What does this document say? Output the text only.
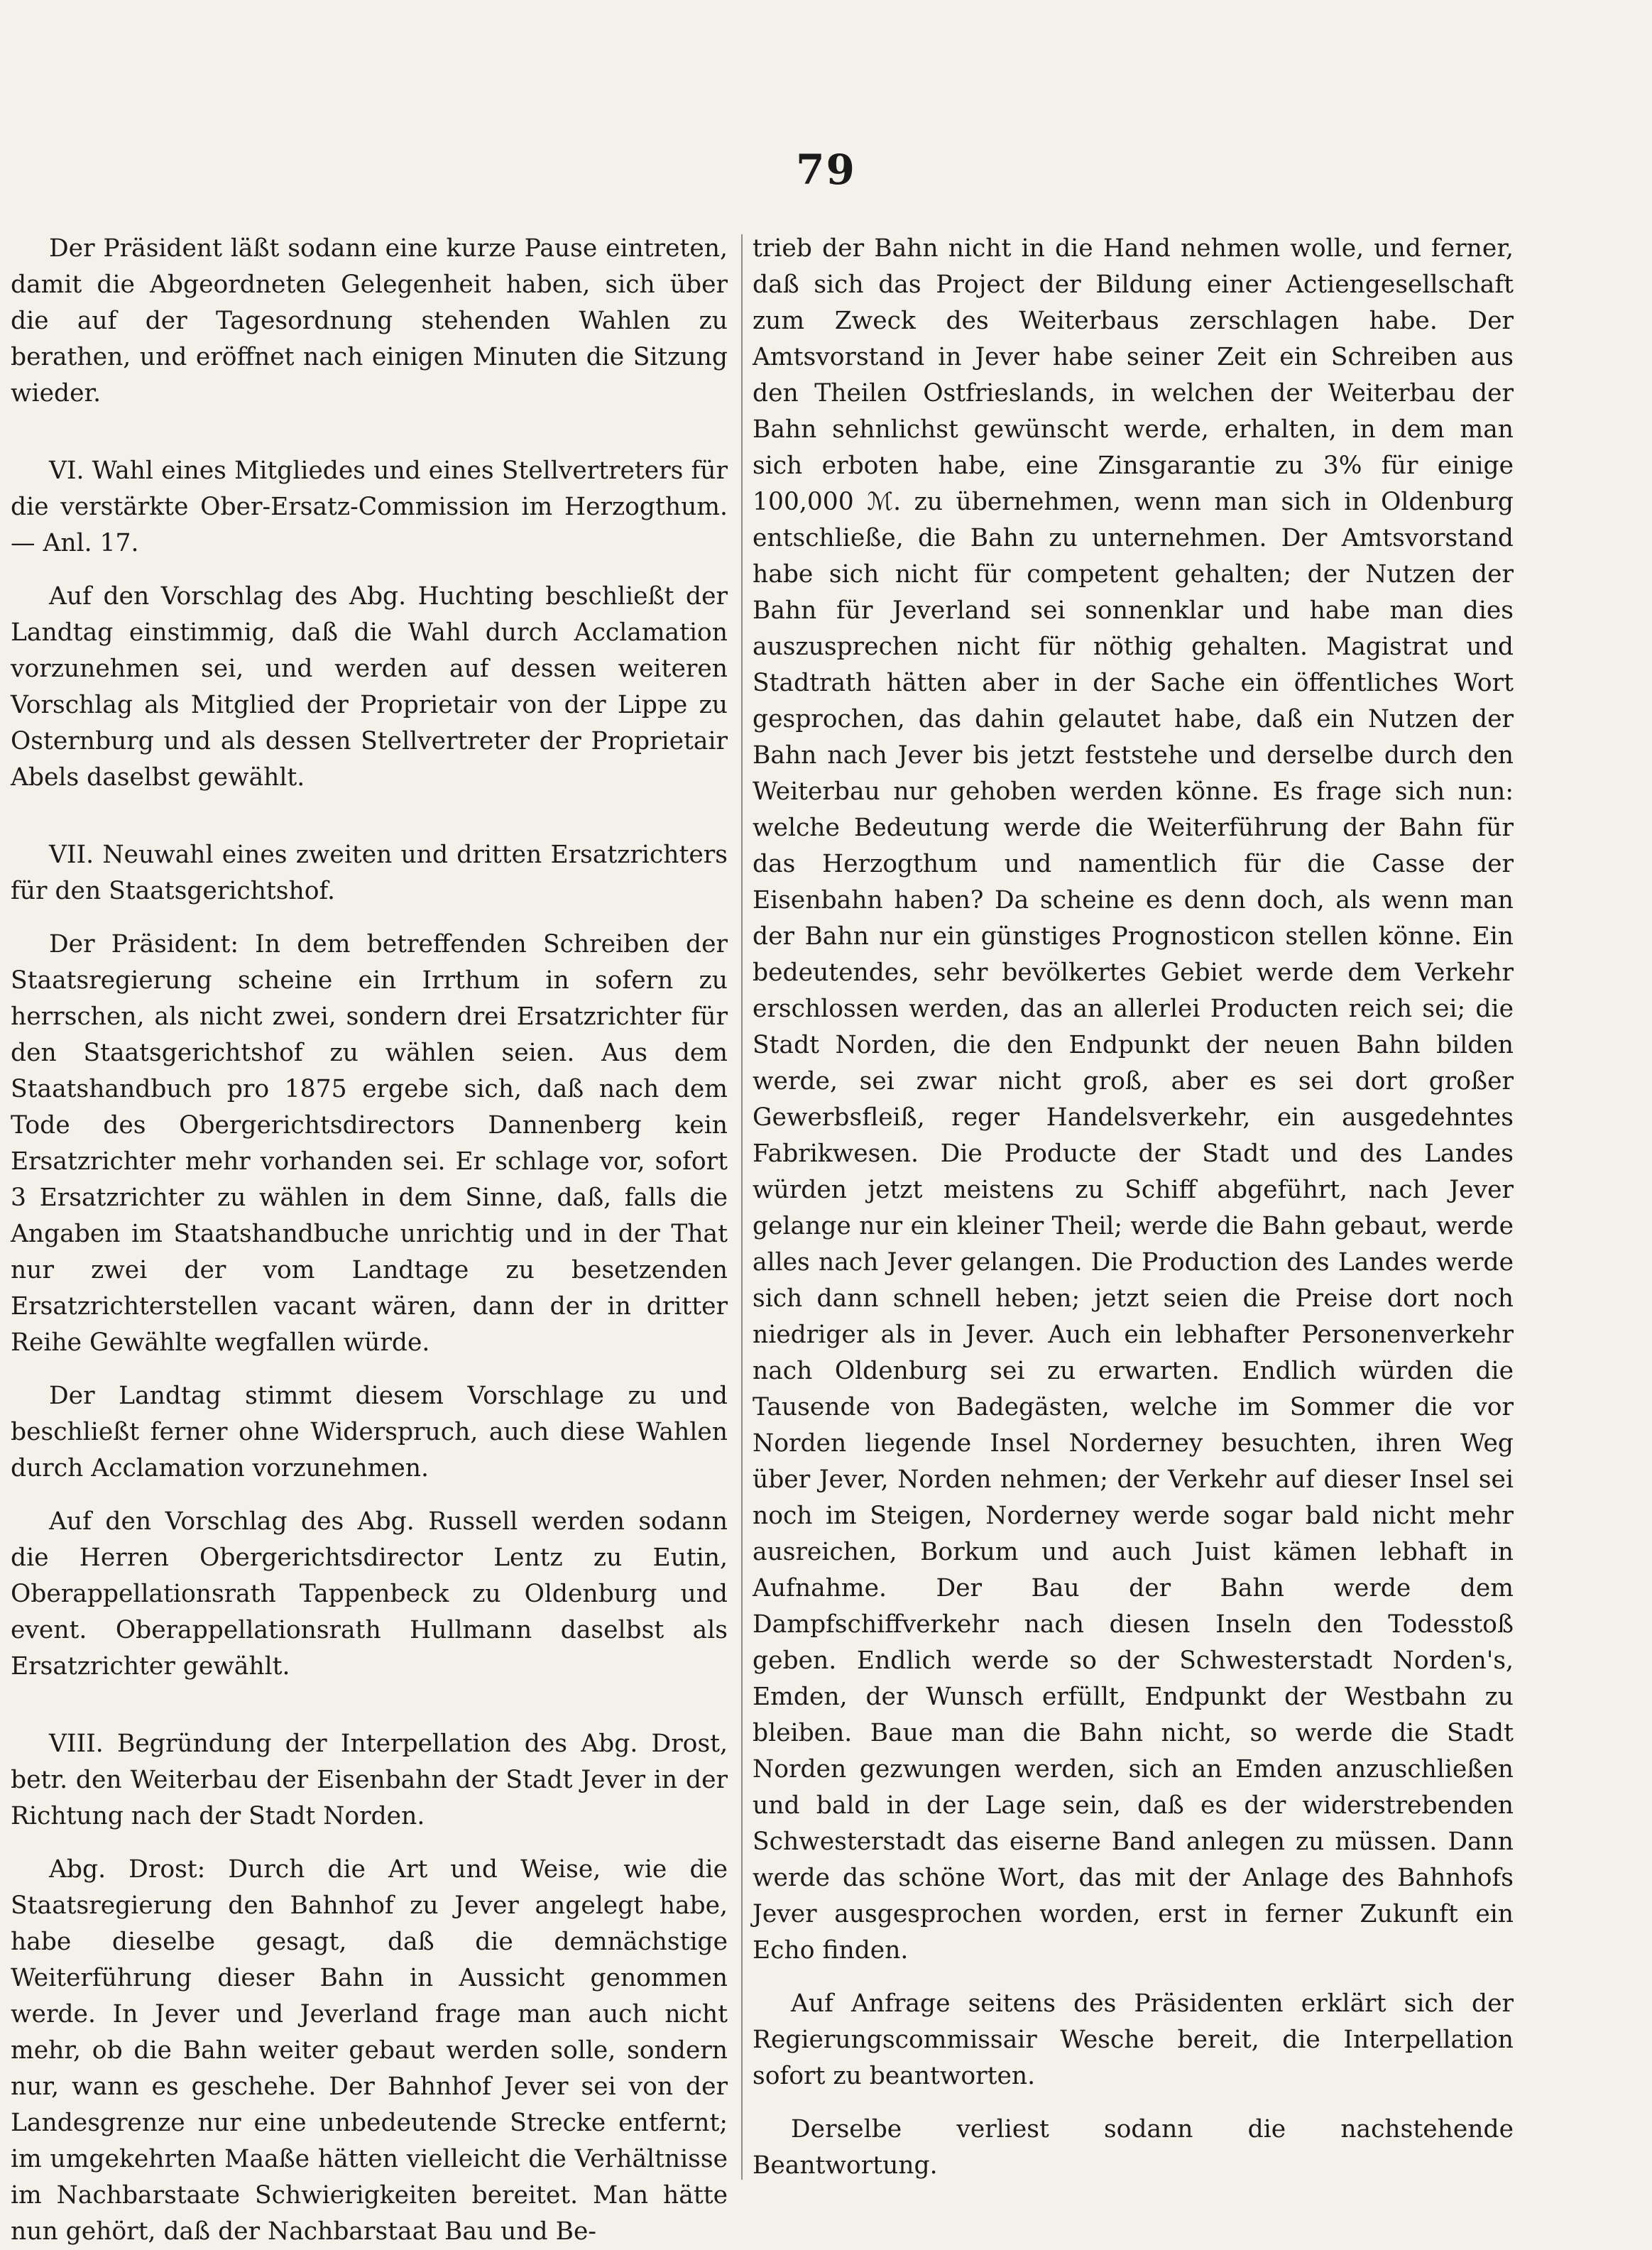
79

Der Präsident läßt sodann eine kurze Pause eintreten, damit die Abgeordneten Gelegenheit haben, sich über die auf der Tagesordnung stehenden Wahlen zu berathen, und eröffnet nach einigen Minuten die Sitzung wieder.

VI. Wahl eines Mitgliedes und eines Stellvertreters für die verstärkte Ober-Ersatz-Commission im Herzogthum. — Anl. 17.

Auf den Vorschlag des Abg. Huchting beschließt der Landtag einstimmig, daß die Wahl durch Acclamation vorzunehmen sei, und werden auf dessen weiteren Vorschlag als Mitglied der Proprietair von der Lippe zu Osternburg und als dessen Stellvertreter der Proprietair Abels daselbst gewählt.

VII. Neuwahl eines zweiten und dritten Ersatzrichters für den Staatsgerichtshof.

Der Präsident: In dem betreffenden Schreiben der Staatsregierung scheine ein Irrthum in sofern zu herrschen, als nicht zwei, sondern drei Ersatzrichter für den Staatsgerichtshof zu wählen seien. Aus dem Staatshandbuch pro 1875 ergebe sich, daß nach dem Tode des Obergerichtsdirectors Dannenberg kein Ersatzrichter mehr vorhanden sei. Er schlage vor, sofort 3 Ersatzrichter zu wählen in dem Sinne, daß, falls die Angaben im Staatshandbuche unrichtig und in der That nur zwei der vom Landtage zu besetzenden Ersatzrichterstellen vacant wären, dann der in dritter Reihe Gewählte wegfallen würde.

Der Landtag stimmt diesem Vorschlage zu und beschließt ferner ohne Widerspruch, auch diese Wahlen durch Acclamation vorzunehmen.

Auf den Vorschlag des Abg. Russell werden sodann die Herren Obergerichtsdirector Lentz zu Eutin, Oberappellationsrath Tappenbeck zu Oldenburg und event. Oberappellationsrath Hullmann daselbst als Ersatzrichter gewählt.

VIII. Begründung der Interpellation des Abg. Drost, betr. den Weiterbau der Eisenbahn der Stadt Jever in der Richtung nach der Stadt Norden.

Abg. Drost: Durch die Art und Weise, wie die Staatsregierung den Bahnhof zu Jever angelegt habe, habe dieselbe gesagt, daß die demnächstige Weiterführung dieser Bahn in Aussicht genommen werde. In Jever und Jeverland frage man auch nicht mehr, ob die Bahn weiter gebaut werden solle, sondern nur, wann es geschehe. Der Bahnhof Jever sei von der Landesgrenze nur eine unbedeutende Strecke entfernt; im umgekehrten Maaße hätten vielleicht die Verhältnisse im Nachbarstaate Schwierigkeiten bereitet. Man hätte nun gehört, daß der Nachbarstaat Bau und Be-

trieb der Bahn nicht in die Hand nehmen wolle, und ferner, daß sich das Project der Bildung einer Actiengesellschaft zum Zweck des Weiterbaus zerschlagen habe. Der Amtsvorstand in Jever habe seiner Zeit ein Schreiben aus den Theilen Ostfrieslands, in welchen der Weiterbau der Bahn sehnlichst gewünscht werde, erhalten, in dem man sich erboten habe, eine Zinsgarantie zu 3% für einige 100,000 ℳ. zu übernehmen, wenn man sich in Oldenburg entschließe, die Bahn zu unternehmen. Der Amtsvorstand habe sich nicht für competent gehalten; der Nutzen der Bahn für Jeverland sei sonnenklar und habe man dies auszusprechen nicht für nöthig gehalten. Magistrat und Stadtrath hätten aber in der Sache ein öffentliches Wort gesprochen, das dahin gelautet habe, daß ein Nutzen der Bahn nach Jever bis jetzt feststehe und derselbe durch den Weiterbau nur gehoben werden könne. Es frage sich nun: welche Bedeutung werde die Weiterführung der Bahn für das Herzogthum und namentlich für die Casse der Eisenbahn haben? Da scheine es denn doch, als wenn man der Bahn nur ein günstiges Prognosticon stellen könne. Ein bedeutendes, sehr bevölkertes Gebiet werde dem Verkehr erschlossen werden, das an allerlei Producten reich sei; die Stadt Norden, die den Endpunkt der neuen Bahn bilden werde, sei zwar nicht groß, aber es sei dort großer Gewerbsfleiß, reger Handelsverkehr, ein ausgedehntes Fabrikwesen. Die Producte der Stadt und des Landes würden jetzt meistens zu Schiff abgeführt, nach Jever gelange nur ein kleiner Theil; werde die Bahn gebaut, werde alles nach Jever gelangen. Die Production des Landes werde sich dann schnell heben; jetzt seien die Preise dort noch niedriger als in Jever. Auch ein lebhafter Personenverkehr nach Oldenburg sei zu erwarten. Endlich würden die Tausende von Badegästen, welche im Sommer die vor Norden liegende Insel Norderney besuchten, ihren Weg über Jever, Norden nehmen; der Verkehr auf dieser Insel sei noch im Steigen, Norderney werde sogar bald nicht mehr ausreichen, Borkum und auch Juist kämen lebhaft in Aufnahme. Der Bau der Bahn werde dem Dampfschiffverkehr nach diesen Inseln den Todesstoß geben. Endlich werde so der Schwesterstadt Norden's, Emden, der Wunsch erfüllt, Endpunkt der Westbahn zu bleiben. Baue man die Bahn nicht, so werde die Stadt Norden gezwungen werden, sich an Emden anzuschließen und bald in der Lage sein, daß es der widerstrebenden Schwesterstadt das eiserne Band anlegen zu müssen. Dann werde das schöne Wort, das mit der Anlage des Bahnhofs Jever ausgesprochen worden, erst in ferner Zukunft ein Echo finden.

Auf Anfrage seitens des Präsidenten erklärt sich der Regierungscommissair Wesche bereit, die Interpellation sofort zu beantworten.

Derselbe verliest sodann die nachstehende Beantwortung.
